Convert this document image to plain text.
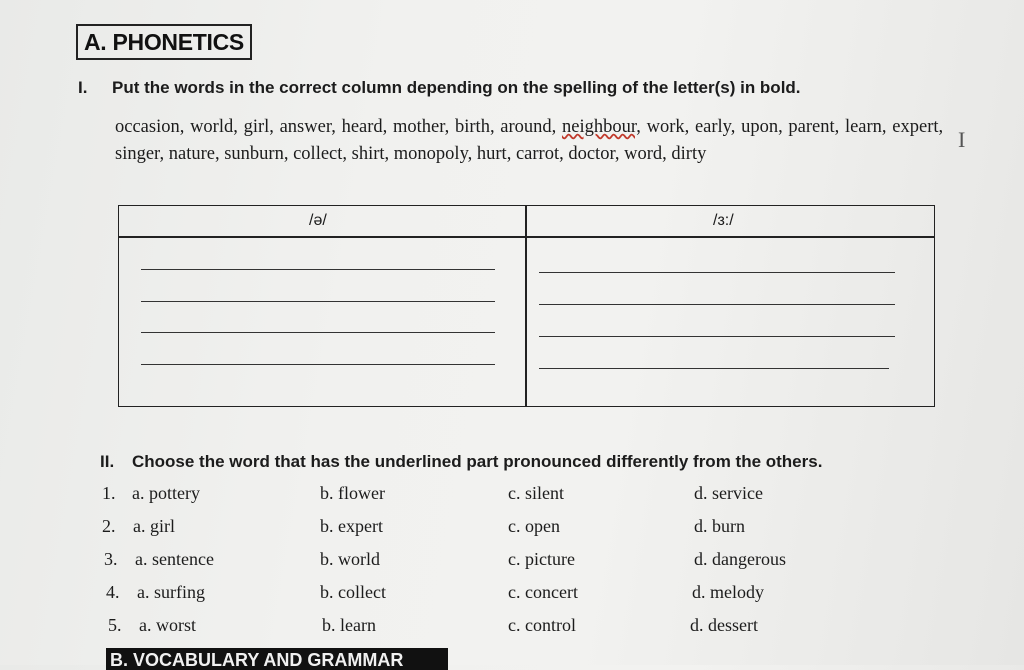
A. PHONETICS
I. Put the words in the correct column depending on the spelling of the letter(s) in bold.
occasion, world, girl, answer, heard, mother, birth, around, neighbour, work, early, upon, parent, learn, expert, singer, nature, sunburn, collect, shirt, monopoly, hurt, carrot, doctor, word, dirty
I
/ə/	/ɜ:/
II. Choose the word that has the underlined part pronounced differently from the others.
1. a. pottery	b. flower	c. silent	d. service
2. a. girl	b. expert	c. open	d. burn
3. a. sentence	b. world	c. picture	d. dangerous
4. a. surfing	b. collect	c. concert	d. melody
5. a. worst	b. learn	c. control	d. dessert
B. VOCABULARY AND GRAMMAR
